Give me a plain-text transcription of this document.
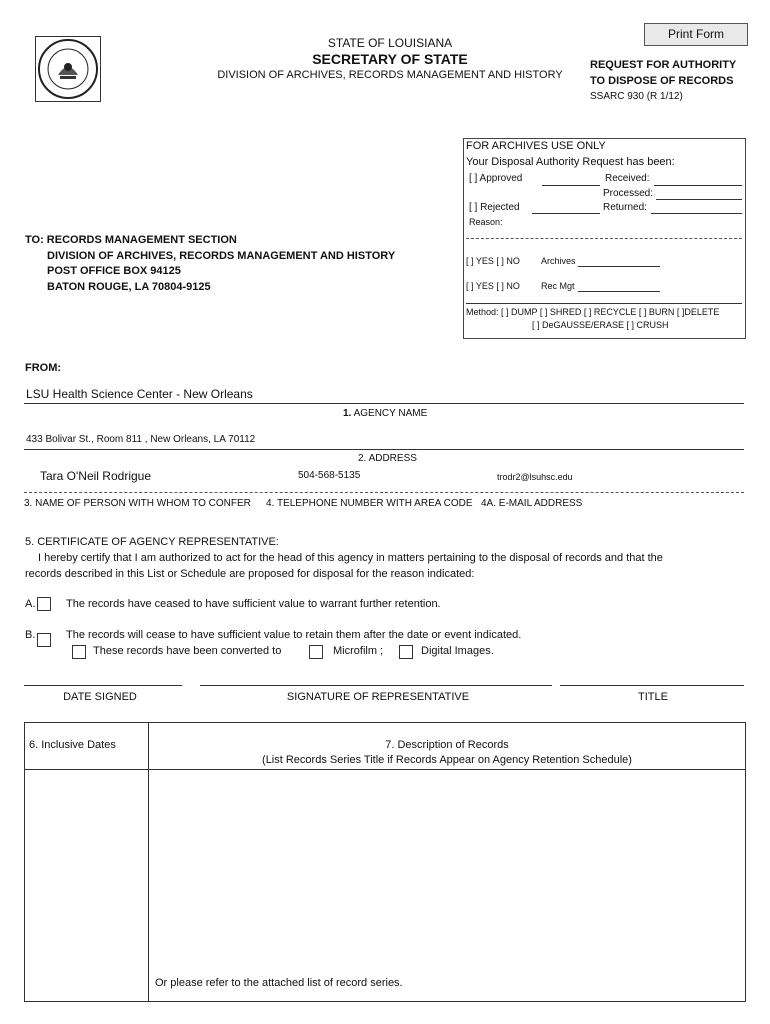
STATE OF LOUISIANA
SECRETARY OF STATE
DIVISION OF ARCHIVES, RECORDS MANAGEMENT AND HISTORY
Print Form
REQUEST FOR AUTHORITY
TO DISPOSE OF RECORDS
SSARC 930 (R 1/12)
FOR ARCHIVES USE ONLY
Your Disposal Authority Request has been:
[ ] Approved	Received:
Processed:
[ ] Rejected	Returned:
Reason:
[ ] YES [ ] NO Archives
[ ] YES [ ] NO Rec Mgt
Method: [ ] DUMP [ ] SHRED [ ] RECYCLE [ ] BURN [ ]DELETE
[ ] DeGAUSSE/ERASE [ ] CRUSH
TO: RECORDS MANAGEMENT SECTION
DIVISION OF ARCHIVES, RECORDS MANAGEMENT AND HISTORY
POST OFFICE BOX 94125
BATON ROUGE, LA 70804-9125
FROM:
LSU Health Science Center - New Orleans
1. AGENCY NAME
433 Bolivar St., Room 811 , New Orleans, LA 70112
2. ADDRESS
Tara O'Neil Rodrigue	504-568-5135	trodr2@lsuhsc.edu
3. NAME OF PERSON WITH WHOM TO CONFER 4. TELEPHONE NUMBER WITH AREA CODE 4A. E-MAIL ADDRESS
5. CERTIFICATE OF AGENCY REPRESENTATIVE:
I hereby certify that I am authorized to act for the head of this agency in matters pertaining to the disposal of records and that the
records described in this List or Schedule are proposed for disposal for the reason indicated:
A.	The records have ceased to have sufficient value to warrant further retention.
B.	The records will cease to have sufficient value to retain them after the date or event indicated.
These records have been converted to	Microfilm ;	Digital Images.
DATE SIGNED	SIGNATURE OF REPRESENTATIVE	TITLE
6. Inclusive Dates	7. Description of Records
(List Records Series Title if Records Appear on Agency Retention Schedule)
Or please refer to the attached list of record series.
